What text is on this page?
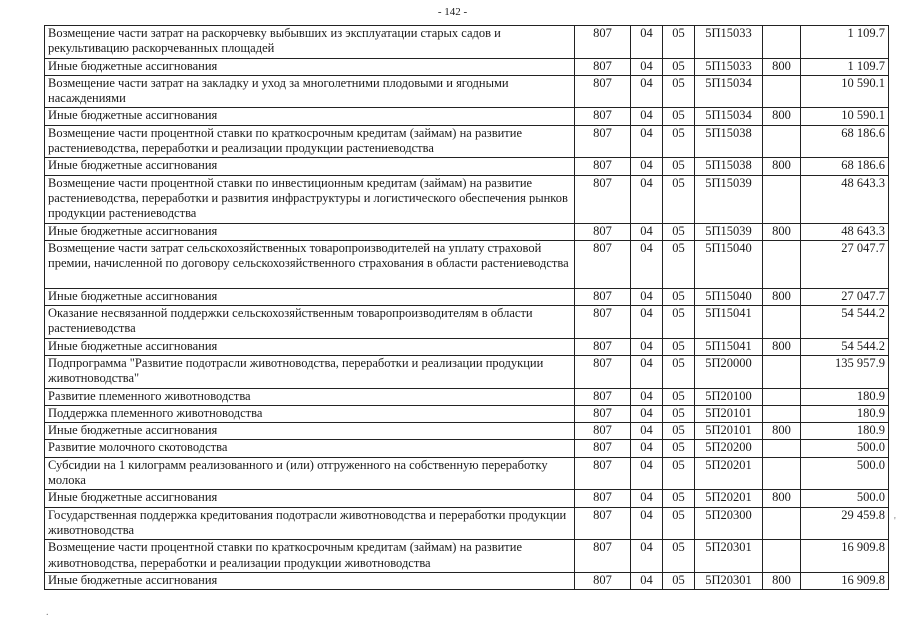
- 142 -
Возмещение части затрат на раскорчевку выбывших из эксплуатации старых садов и рекультивацию раскорчеванных площадей	807	04	05	5П15033		1 109.7
Иные бюджетные ассигнования	807	04	05	5П15033	800	1 109.7
Возмещение части затрат на закладку и уход за многолетними плодовыми и ягодными насаждениями	807	04	05	5П15034		10 590.1
Иные бюджетные ассигнования	807	04	05	5П15034	800	10 590.1
Возмещение части процентной ставки по краткосрочным кредитам (займам) на развитие растениеводства, переработки и реализации продукции растениеводства	807	04	05	5П15038		68 186.6
Иные бюджетные ассигнования	807	04	05	5П15038	800	68 186.6
Возмещение части процентной ставки по инвестиционным кредитам (займам) на развитие растениеводства, переработки и развития инфраструктуры и логистического обеспечения рынков продукции растениеводства	807	04	05	5П15039		48 643.3
Иные бюджетные ассигнования	807	04	05	5П15039	800	48 643.3
Возмещение части затрат сельскохозяйственных товаропроизводителей на уплату страховой премии, начисленной по договору сельскохозяйственного страхования в области растениеводства	807	04	05	5П15040		27 047.7
Иные бюджетные ассигнования	807	04	05	5П15040	800	27 047.7
Оказание несвязанной поддержки сельскохозяйственным товаропроизводителям в области растениеводства	807	04	05	5П15041		54 544.2
Иные бюджетные ассигнования	807	04	05	5П15041	800	54 544.2
Подпрограмма "Развитие подотрасли животноводства, переработки и реализации продукции животноводства"	807	04	05	5П20000		135 957.9
Развитие племенного животноводства	807	04	05	5П20100		180.9
Поддержка племенного животноводства	807	04	05	5П20101		180.9
Иные бюджетные ассигнования	807	04	05	5П20101	800	180.9
Развитие молочного скотоводства	807	04	05	5П20200		500.0
Субсидии на 1 килограмм реализованного и (или) отгруженного на собственную переработку молока	807	04	05	5П20201		500.0
Иные бюджетные ассигнования	807	04	05	5П20201	800	500.0
Государственная поддержка кредитования подотрасли животноводства и переработки продукции животноводства	807	04	05	5П20300		29 459.8
Возмещение части процентной ставки по краткосрочным кредитам (займам) на развитие животноводства, переработки и реализации продукции животноводства	807	04	05	5П20301		16 909.8
Иные бюджетные ассигнования	807	04	05	5П20301	800	16 909.8
'
.
